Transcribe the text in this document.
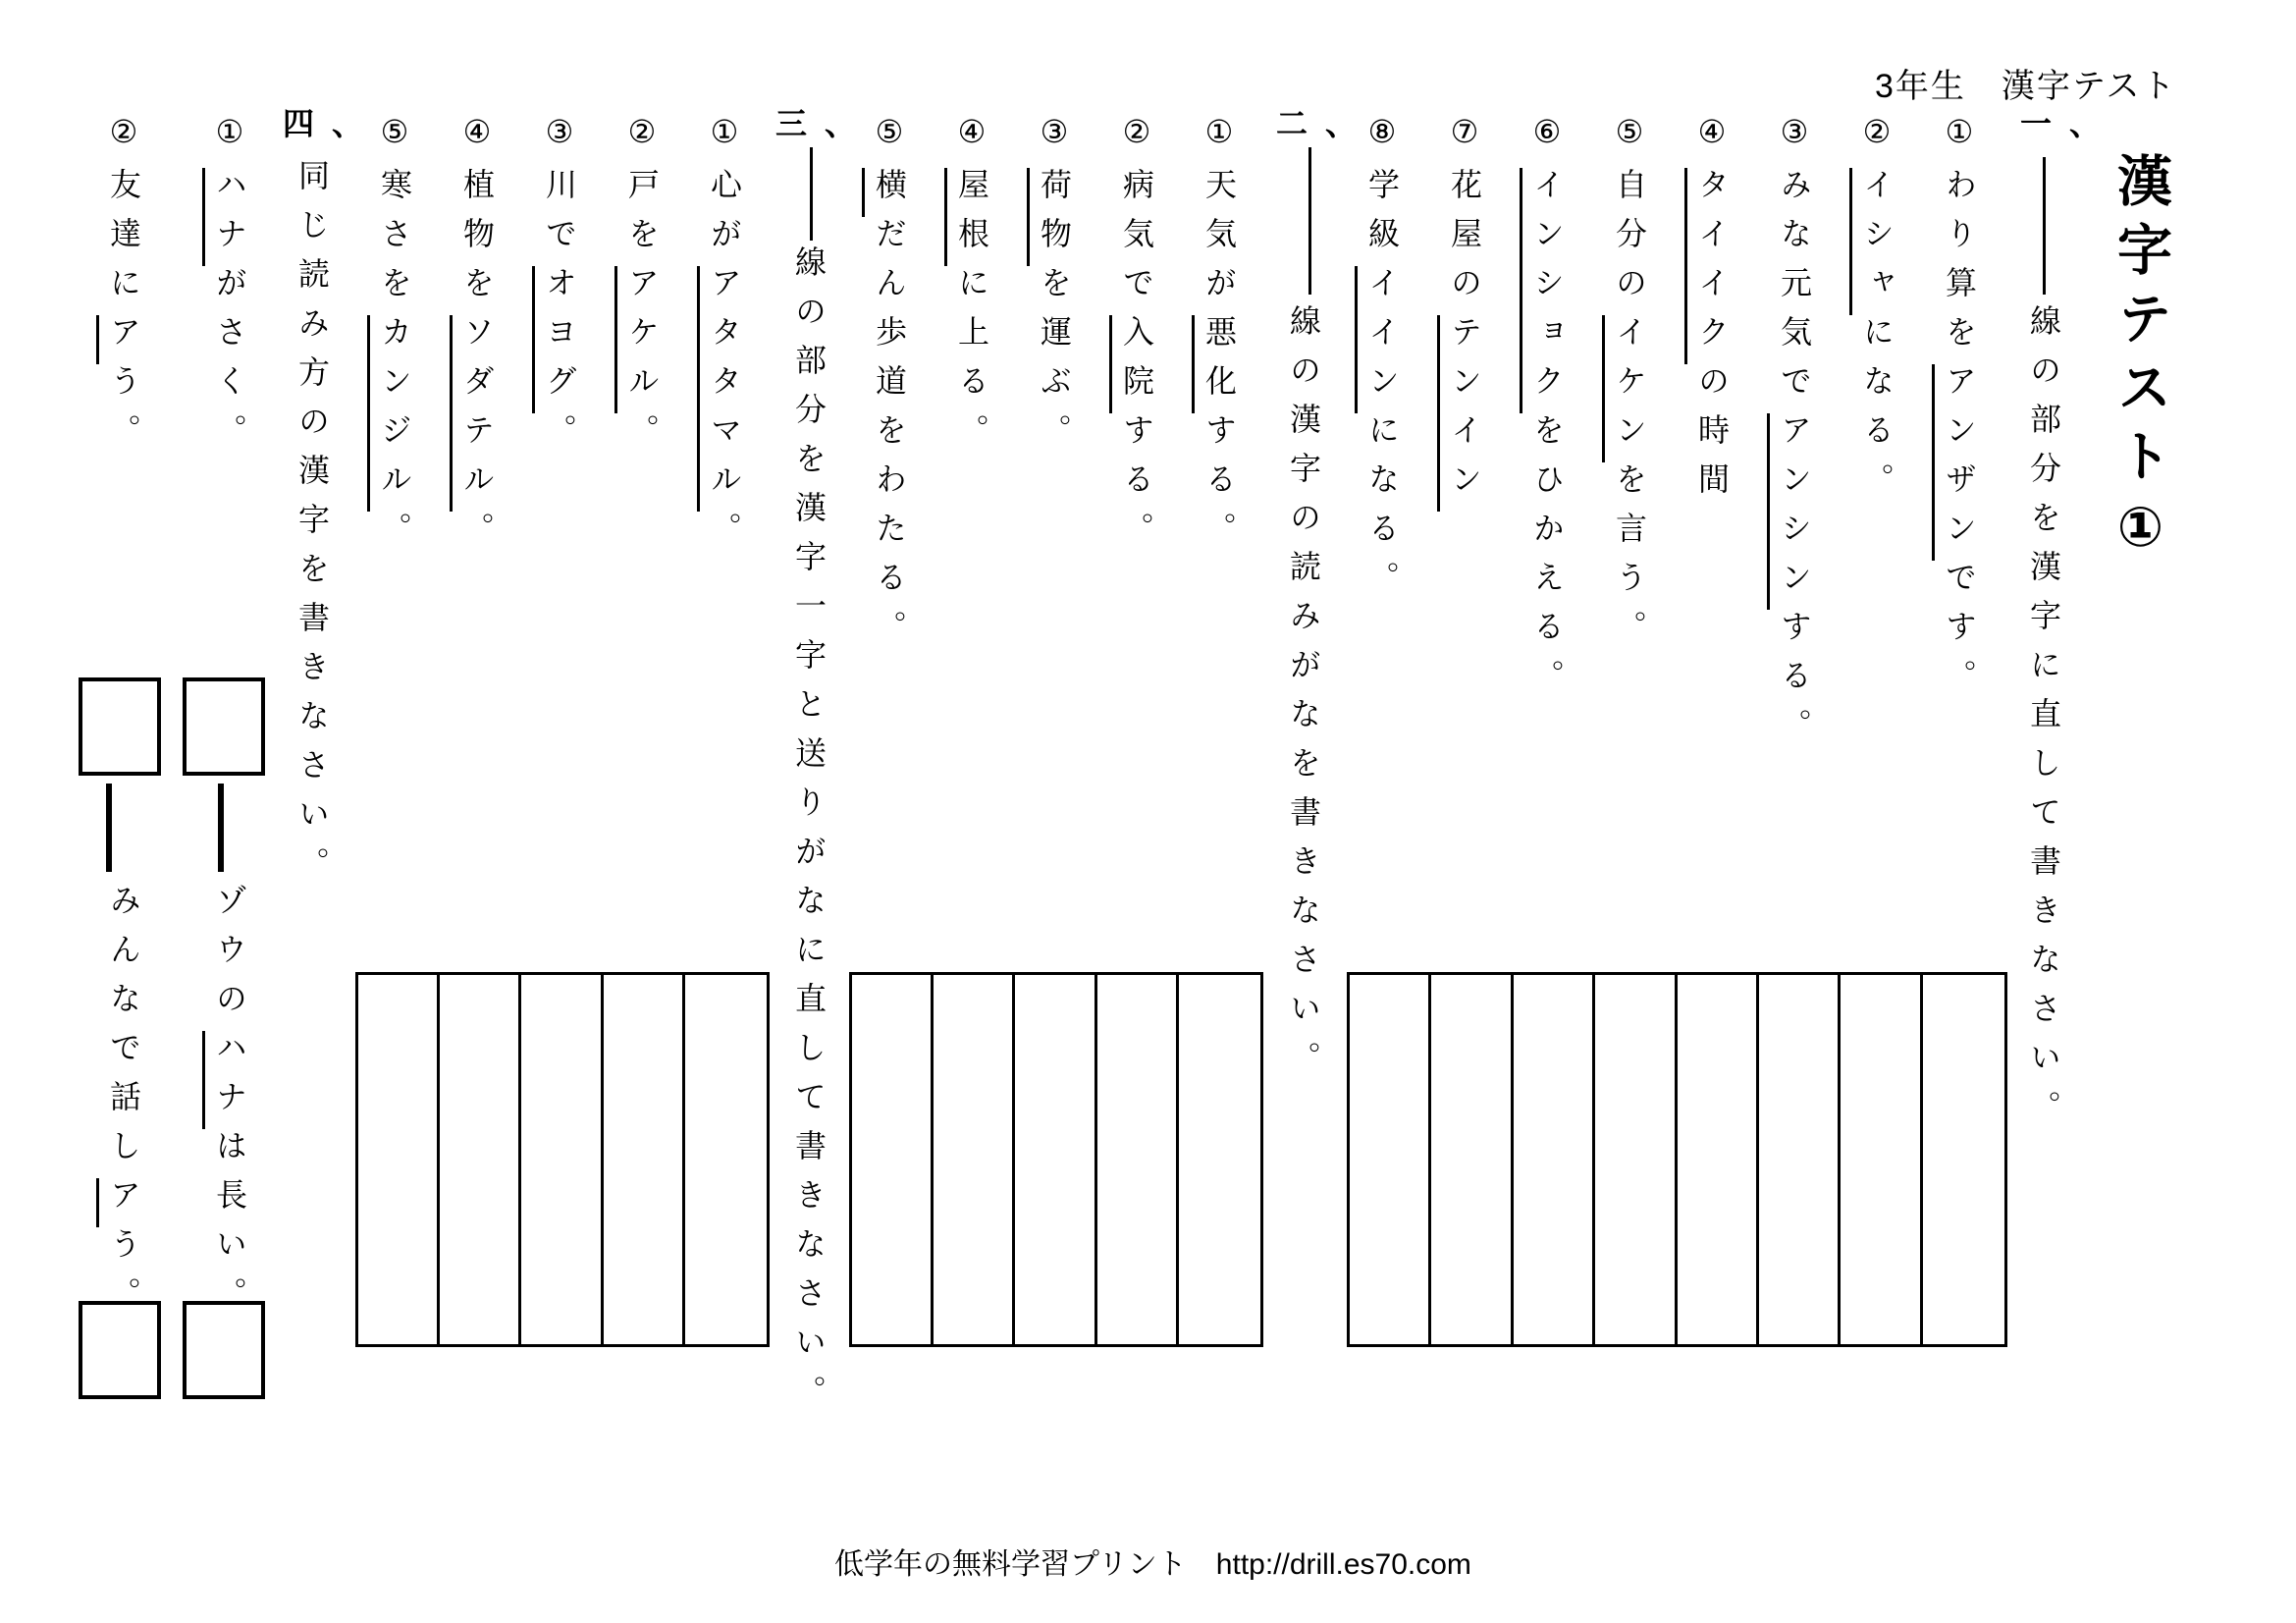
3年生　漢字テスト
漢字テスト①
一、
線の部分を漢字に直して書きなさい。
①わり算をアンザンです。
②イシャになる。
③みな元気でアンシンする。
④タイイクの時間
⑤自分のイケンを言う。
⑥インショクをひかえる。
⑦花屋のテンイン
⑧学級イインになる。
二、
線の漢字の読みがなを書きなさい。
①天気が悪化する。
②病気で入院する。
③荷物を運ぶ。
④屋根に上る。
⑤横だん歩道をわたる。
三、
線の部分を漢字一字と送りがなに直して書きなさい。
①心がアタタマル。
②戸をアケル。
③川でオヨグ。
④植物をソダテル。
⑤寒さをカンジル。
四、
同じ読み方の漢字を書きなさい。
①ハナがさく。
ゾウのハナは長い。
②友達にアう。
みんなで話しアう。
低学年の無料学習プリント　http://drill.es70.com
